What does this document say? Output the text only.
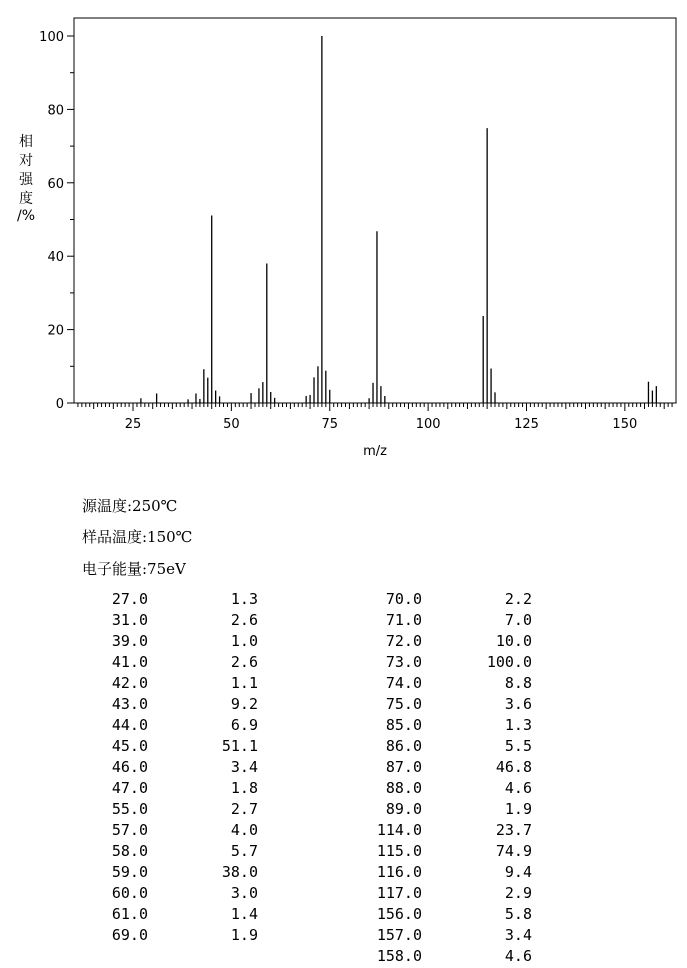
25	50	75	100	125	150
0
20
40
60
80
100
m/z
相对强度/%
源温度:250℃
样品温度:150℃
电子能量:75eV
27.0	1.3
31.0	2.6
39.0	1.0
41.0	2.6
42.0	1.1
43.0	9.2
44.0	6.9
45.0	51.1
46.0	3.4
47.0	1.8
55.0	2.7
57.0	4.0
58.0	5.7
59.0	38.0
60.0	3.0
61.0	1.4
69.0	1.9
70.0	2.2
71.0	7.0
72.0	10.0
73.0	100.0
74.0	8.8
75.0	3.6
85.0	1.3
86.0	5.5
87.0	46.8
88.0	4.6
89.0	1.9
114.0	23.7
115.0	74.9
116.0	9.4
117.0	2.9
156.0	5.8
157.0	3.4
158.0	4.6
